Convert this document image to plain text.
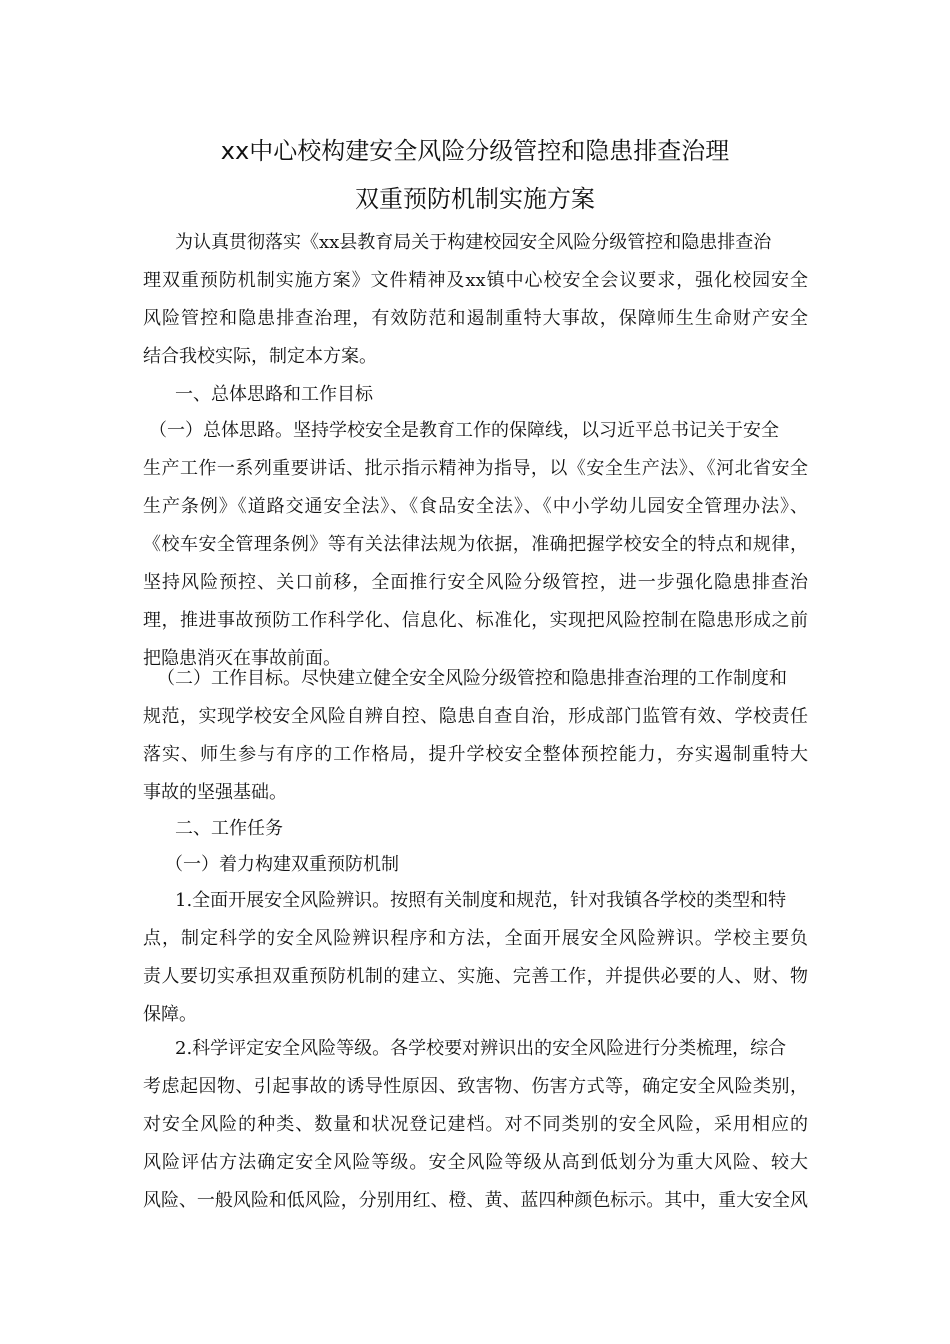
xx中心校构建安全风险分级管控和隐患排查治理
双重预防机制实施方案
为认真贯彻落实《xx县教育局关于构建校园安全风险分级管控和隐患排查治
理双重预防机制实施方案》文件精神及xx镇中心校安全会议要求，强化校园安全
风险管控和隐患排查治理，有效防范和遏制重特大事故，保障师生生命财产安全
结合我校实际，制定本方案。
一、总体思路和工作目标
（一）总体思路。坚持学校安全是教育工作的保障线，以习近平总书记关于安全
生产工作一系列重要讲话、批示指示精神为指导，以《安全生产法》、《河北省安全
生产条例》《道路交通安全法》、《食品安全法》、《中小学幼儿园安全管理办法》、
《校车安全管理条例》等有关法律法规为依据，准确把握学校安全的特点和规律，
坚持风险预控、关口前移，全面推行安全风险分级管控，进一步强化隐患排查治
理，推进事故预防工作科学化、信息化、标准化，实现把风险控制在隐患形成之前
把隐患消灭在事故前面。
（二）工作目标。尽快建立健全安全风险分级管控和隐患排查治理的工作制度和
规范，实现学校安全风险自辨自控、隐患自查自治，形成部门监管有效、学校责任
落实、师生参与有序的工作格局，提升学校安全整体预控能力，夯实遏制重特大
事故的坚强基础。
二、工作任务
（一）着力构建双重预防机制
1.全面开展安全风险辨识。按照有关制度和规范，针对我镇各学校的类型和特
点，制定科学的安全风险辨识程序和方法，全面开展安全风险辨识。学校主要负
责人要切实承担双重预防机制的建立、实施、完善工作，并提供必要的人、财、物
保障。
2.科学评定安全风险等级。各学校要对辨识出的安全风险进行分类梳理，综合
考虑起因物、引起事故的诱导性原因、致害物、伤害方式等，确定安全风险类别，
对安全风险的种类、数量和状况登记建档。对不同类别的安全风险，采用相应的
风险评估方法确定安全风险等级。安全风险等级从高到低划分为重大风险、较大
风险、一般风险和低风险，分别用红、橙、黄、蓝四种颜色标示。其中，重大安全风
